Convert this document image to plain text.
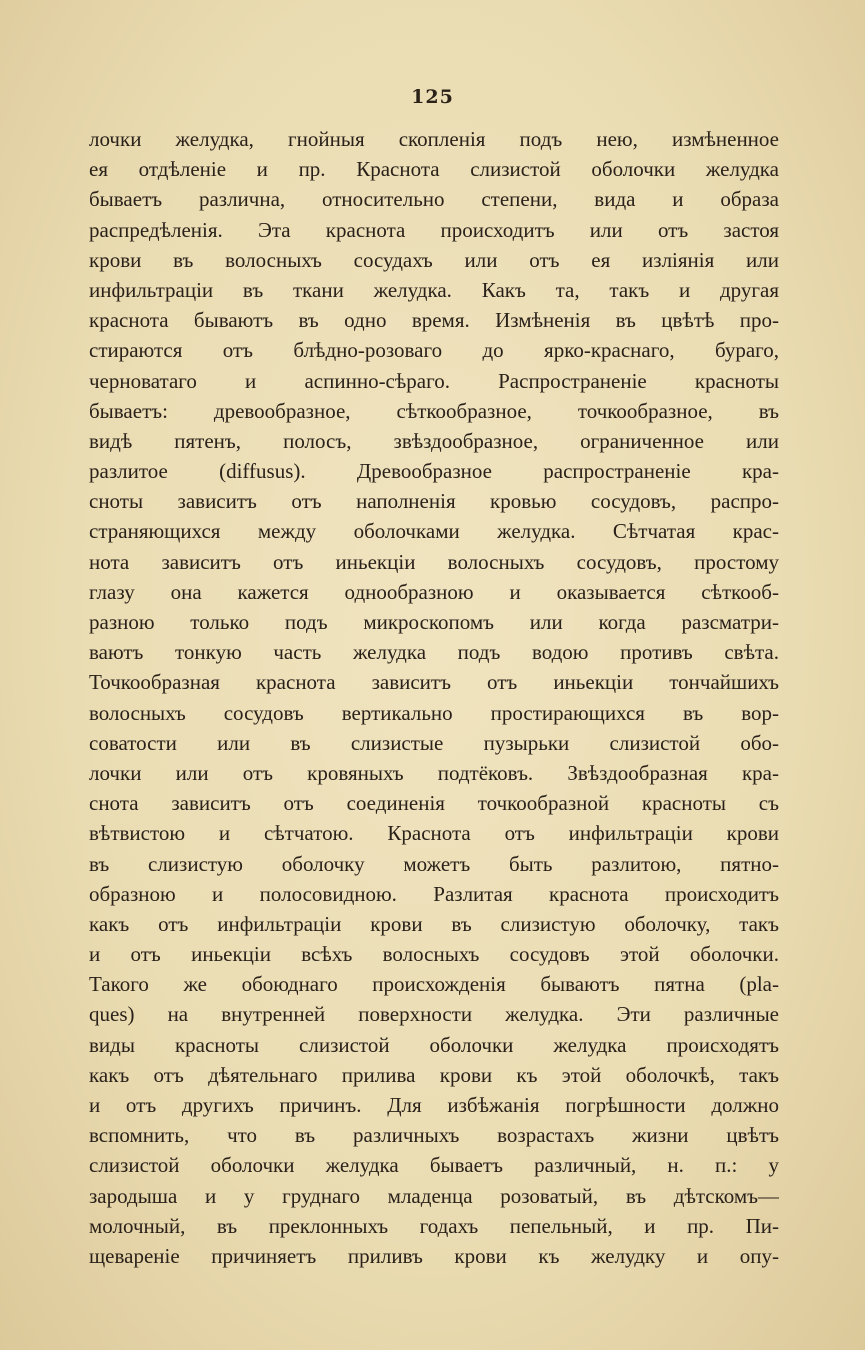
125
лочки желудка, гнойныя скопленія подъ нею, измѣненное
ея отдѣленіе и пр. Краснота слизистой оболочки желудка
бываетъ различна, относительно степени, вида и образа
распредѣленія. Эта краснота происходитъ или отъ застоя
крови въ волосныхъ сосудахъ или отъ ея изліянія или
инфильтраціи въ ткани желудка. Какъ та, такъ и другая
краснота бываютъ въ одно время. Измѣненія въ цвѣтѣ про-
стираются отъ блѣдно-розоваго до ярко-краснаго, бураго,
черноватаго и аспинно-сѣраго. Распространеніе красноты
бываетъ: древообразное, сѣткообразное, точкообразное, въ
видѣ пятенъ, полосъ, звѣздообразное, ограниченное или
разлитое (diffusus). Древообразное распространеніе кра-
сноты зависитъ отъ наполненія кровью сосудовъ, распро-
страняющихся между оболочками желудка. Сѣтчатая крас-
нота зависитъ отъ иньекціи волосныхъ сосудовъ, простому
глазу она кажется однообразною и оказывается сѣткооб-
разною только подъ микроскопомъ или когда разсматри-
ваютъ тонкую часть желудка подъ водою противъ свѣта.
Точкообразная краснота зависитъ отъ иньекціи тончайшихъ
волосныхъ сосудовъ вертикально простирающихся въ вор-
соватости или въ слизистые пузырьки слизистой обо-
лочки или отъ кровяныхъ подтёковъ. Звѣздообразная кра-
снота зависитъ отъ соединенія точкообразной красноты съ
вѣтвистою и сѣтчатою. Краснота отъ инфильтраціи крови
въ слизистую оболочку можетъ быть разлитою, пятно-
образною и полосовидною. Разлитая краснота происходитъ
какъ отъ инфильтраціи крови въ слизистую оболочку, такъ
и отъ иньекціи всѣхъ волосныхъ сосудовъ этой оболочки.
Такого же обоюднаго происхожденія бываютъ пятна (pla-
ques) на внутренней поверхности желудка. Эти различные
виды красноты слизистой оболочки желудка происходятъ
какъ отъ дѣятельнаго прилива крови къ этой оболочкѣ, такъ
и отъ другихъ причинъ. Для избѣжанія погрѣшности должно
вспомнить, что въ различныхъ возрастахъ жизни цвѣтъ
слизистой оболочки желудка бываетъ различный, н. п.: у
зародыша и у груднаго младенца розоватый, въ дѣтскомъ—
молочный, въ преклонныхъ годахъ пепельный, и пр. Пи-
щевареніе причиняетъ приливъ крови къ желудку и опу-
